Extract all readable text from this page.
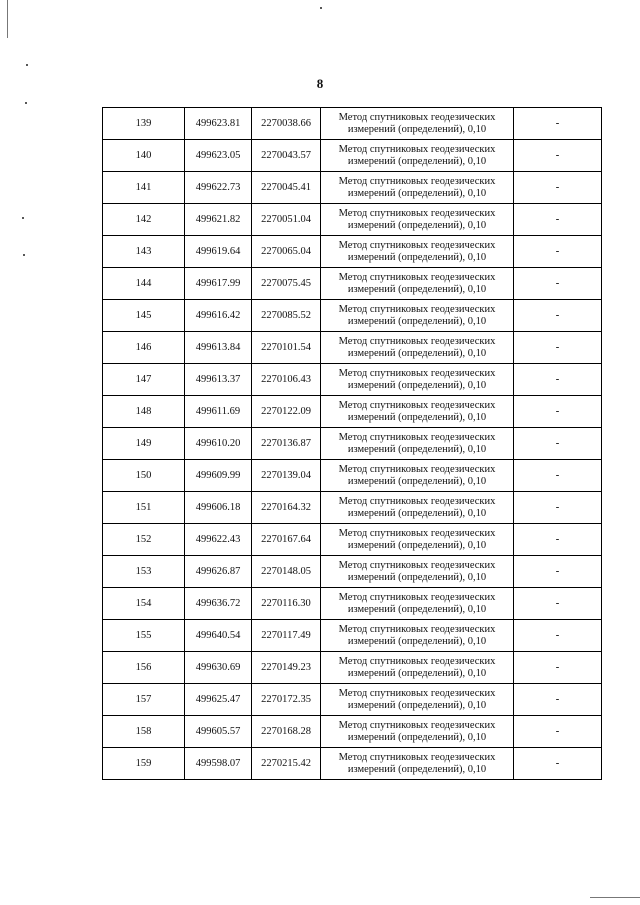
8
139	499623.81	2270038.66	Метод спутниковых геодезических
измерений (определений), 0,10	-
140	499623.05	2270043.57	Метод спутниковых геодезических
измерений (определений), 0,10	-
141	499622.73	2270045.41	Метод спутниковых геодезических
измерений (определений), 0,10	-
142	499621.82	2270051.04	Метод спутниковых геодезических
измерений (определений), 0,10	-
143	499619.64	2270065.04	Метод спутниковых геодезических
измерений (определений), 0,10	-
144	499617.99	2270075.45	Метод спутниковых геодезических
измерений (определений), 0,10	-
145	499616.42	2270085.52	Метод спутниковых геодезических
измерений (определений), 0,10	-
146	499613.84	2270101.54	Метод спутниковых геодезических
измерений (определений), 0,10	-
147	499613.37	2270106.43	Метод спутниковых геодезических
измерений (определений), 0,10	-
148	499611.69	2270122.09	Метод спутниковых геодезических
измерений (определений), 0,10	-
149	499610.20	2270136.87	Метод спутниковых геодезических
измерений (определений), 0,10	-
150	499609.99	2270139.04	Метод спутниковых геодезических
измерений (определений), 0,10	-
151	499606.18	2270164.32	Метод спутниковых геодезических
измерений (определений), 0,10	-
152	499622.43	2270167.64	Метод спутниковых геодезических
измерений (определений), 0,10	-
153	499626.87	2270148.05	Метод спутниковых геодезических
измерений (определений), 0,10	-
154	499636.72	2270116.30	Метод спутниковых геодезических
измерений (определений), 0,10	-
155	499640.54	2270117.49	Метод спутниковых геодезических
измерений (определений), 0,10	-
156	499630.69	2270149.23	Метод спутниковых геодезических
измерений (определений), 0,10	-
157	499625.47	2270172.35	Метод спутниковых геодезических
измерений (определений), 0,10	-
158	499605.57	2270168.28	Метод спутниковых геодезических
измерений (определений), 0,10	-
159	499598.07	2270215.42	Метод спутниковых геодезических
измерений (определений), 0,10	-
